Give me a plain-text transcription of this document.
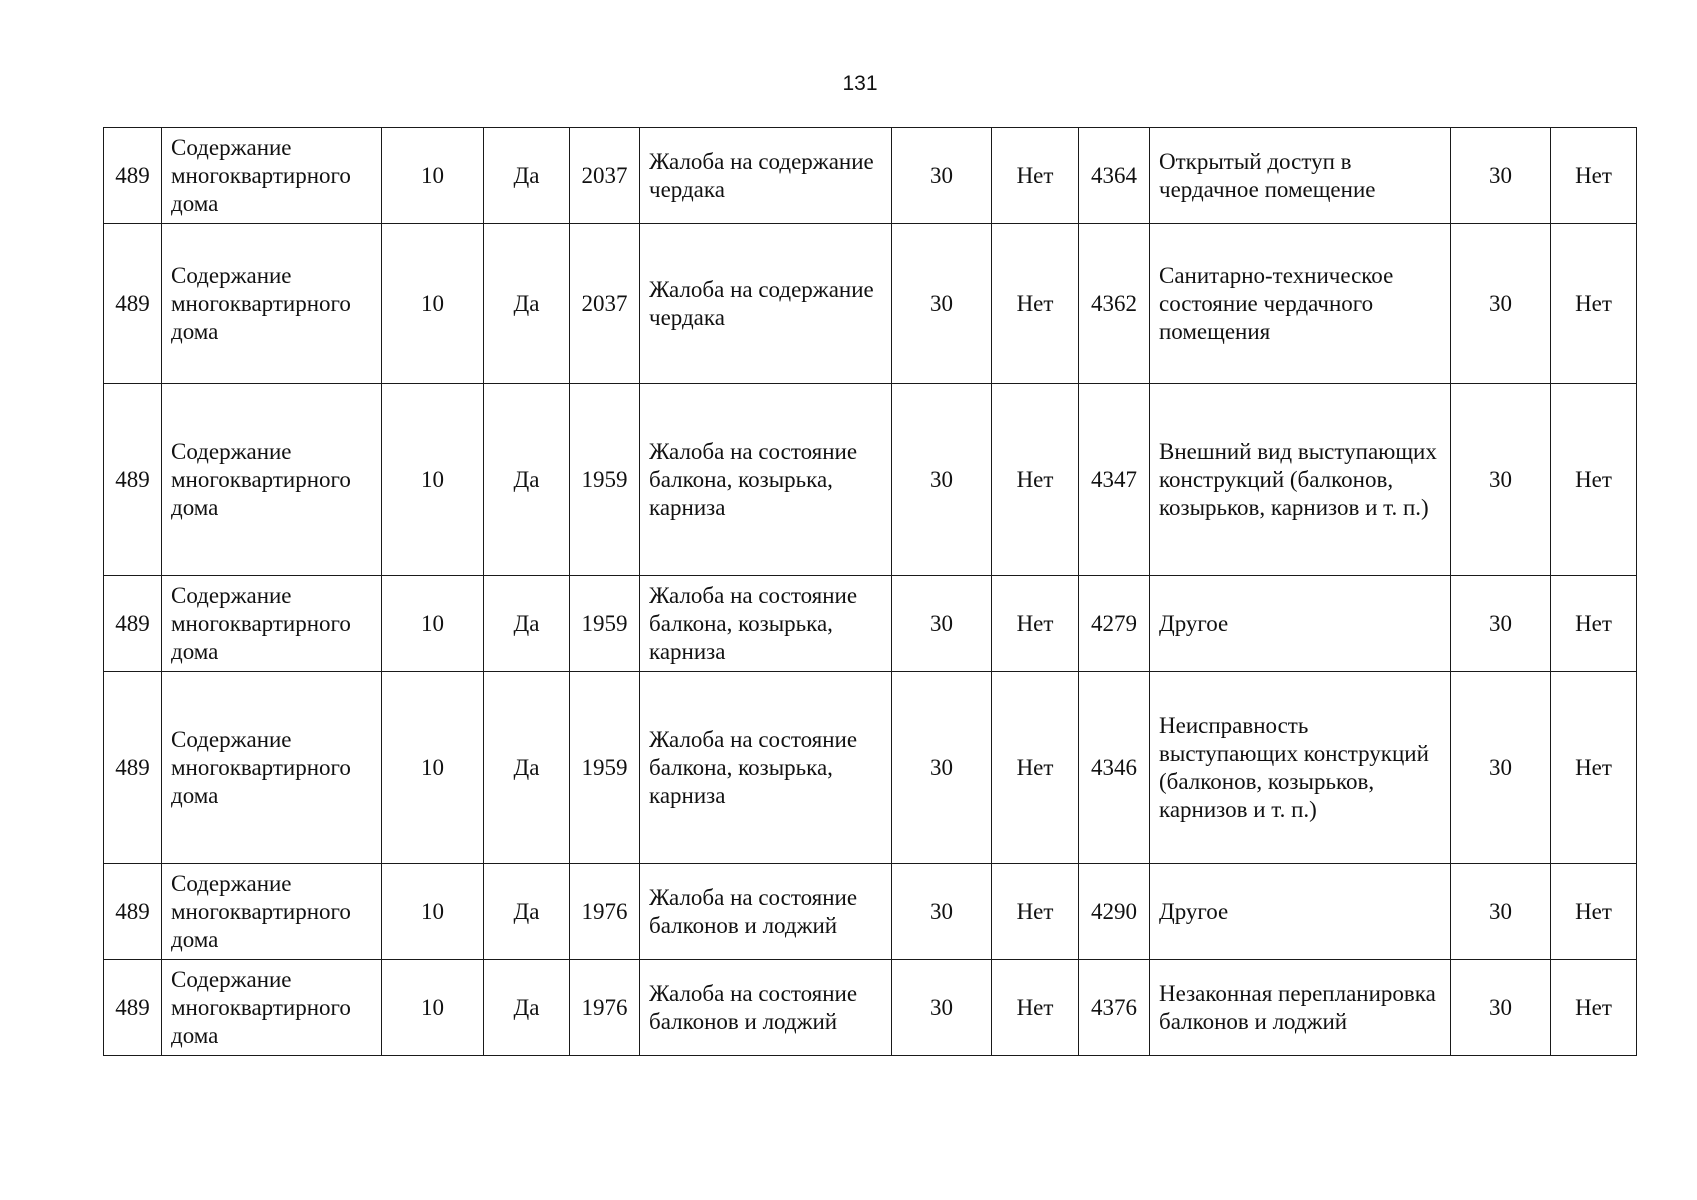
131
489	Содержание многоквартирного дома	10	Да	2037	Жалоба на содержание чердака	30	Нет	4364	Открытый доступ в чердачное помещение	30	Нет
489	Содержание многоквартирного дома	10	Да	2037	Жалоба на содержание чердака	30	Нет	4362	Санитарно-техническое состояние чердачного помещения	30	Нет
489	Содержание многоквартирного дома	10	Да	1959	Жалоба на состояние балкона, козырька, карниза	30	Нет	4347	Внешний вид выступающих конструкций (балконов, козырьков, карнизов и т. п.)	30	Нет
489	Содержание многоквартирного дома	10	Да	1959	Жалоба на состояние балкона, козырька, карниза	30	Нет	4279	Другое	30	Нет
489	Содержание многоквартирного дома	10	Да	1959	Жалоба на состояние балкона, козырька, карниза	30	Нет	4346	Неисправность выступающих конструкций (балконов, козырьков, карнизов и т. п.)	30	Нет
489	Содержание многоквартирного дома	10	Да	1976	Жалоба на состояние балконов и лоджий	30	Нет	4290	Другое	30	Нет
489	Содержание многоквартирного дома	10	Да	1976	Жалоба на состояние балконов и лоджий	30	Нет	4376	Незаконная перепланировка балконов и лоджий	30	Нет
